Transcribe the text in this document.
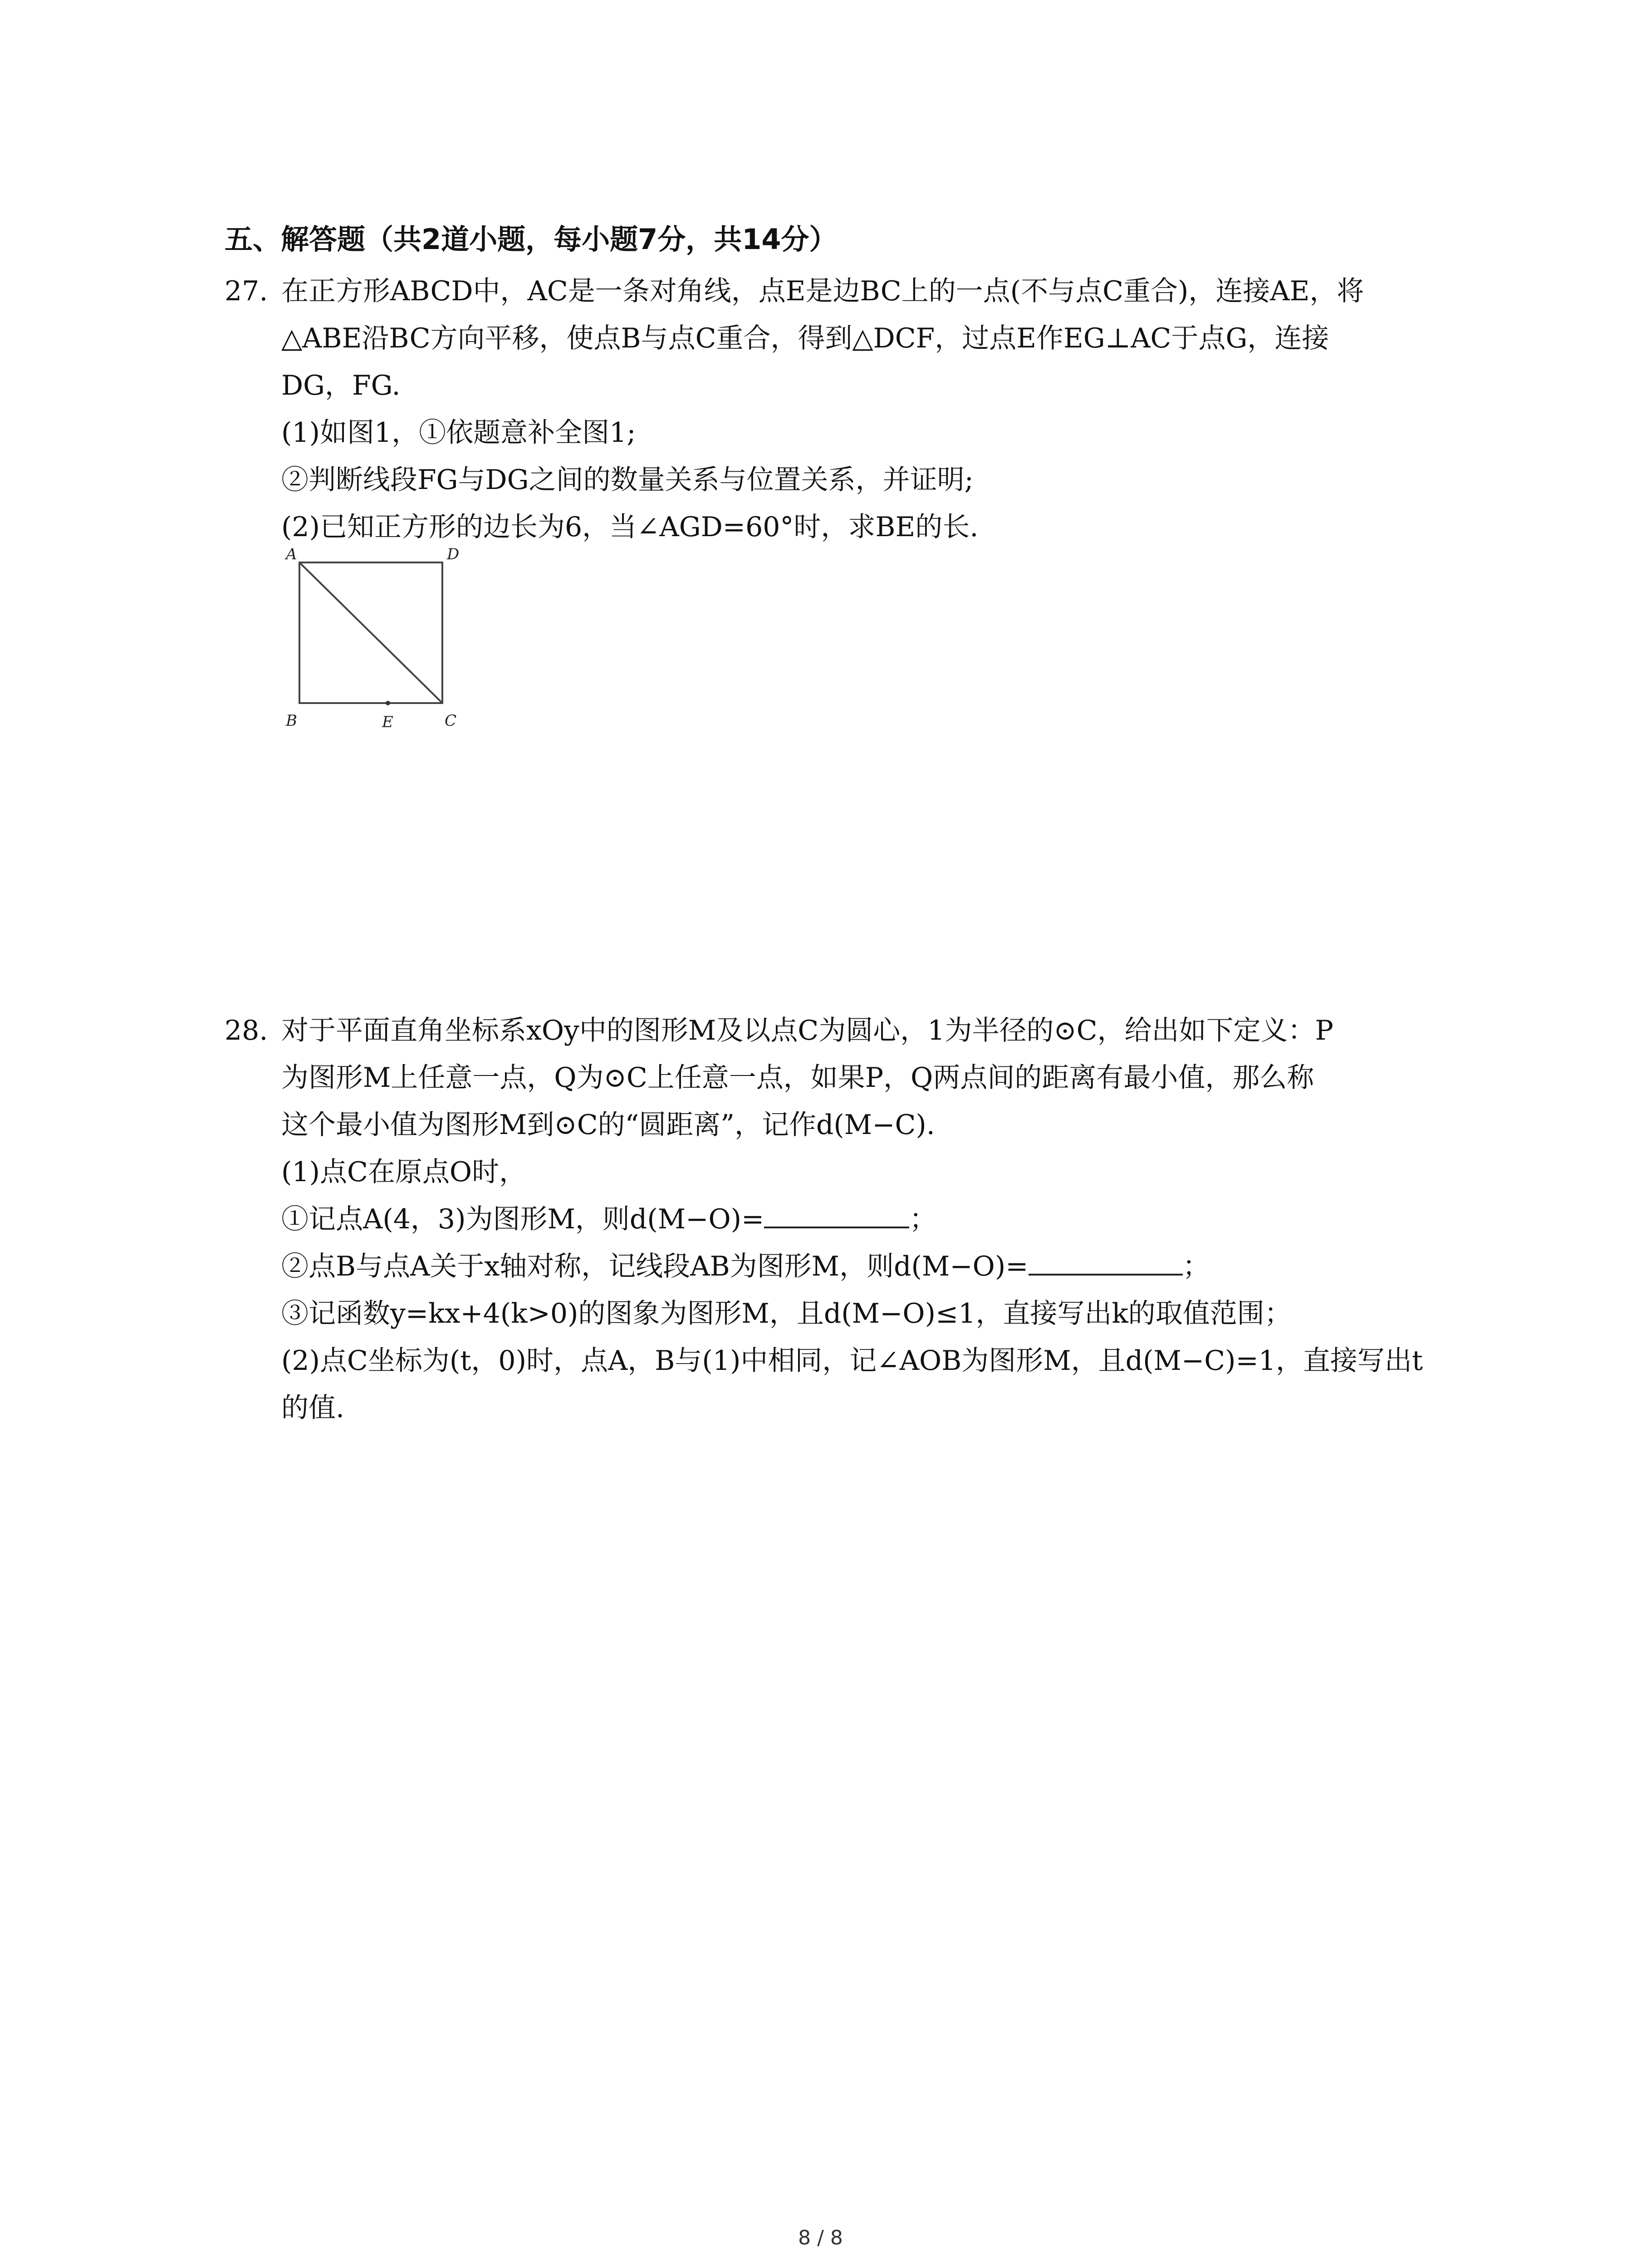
五、解答题（共2道小题，每小题7分，共14分）
27. 在正方形ABCD中，AC是一条对角线，点E是边BC上的一点(不与点C重合)，连接AE，将
△ABE沿BC方向平移，使点B与点C重合，得到△DCF，过点E作EG⊥AC于点G，连接
DG，FG.
(1)如图1，①依题意补全图1;
②判断线段FG与DG之间的数量关系与位置关系，并证明;
(2)已知正方形的边长为6，当∠AGD=60°时，求BE的长.
A	D
B	E	C
28. 对于平面直角坐标系xOy中的图形M及以点C为圆心，1为半径的⊙C，给出如下定义：P
为图形M上任意一点，Q为⊙C上任意一点，如果P，Q两点间的距离有最小值，那么称
这个最小值为图形M到⊙C的“圆距离”，记作d(M−C).
(1)点C在原点O时，
①记点A(4，3)为图形M，则d(M−O)=	；
②点B与点A关于x轴对称，记线段AB为图形M，则d(M−O)=	；
③记函数y=kx+4(k>0)的图象为图形M，且d(M−O)≤1，直接写出k的取值范围；
(2)点C坐标为(t，0)时，点A，B与(1)中相同，记∠AOB为图形M，且d(M−C)=1，直接写出t
的值.
8 / 8
